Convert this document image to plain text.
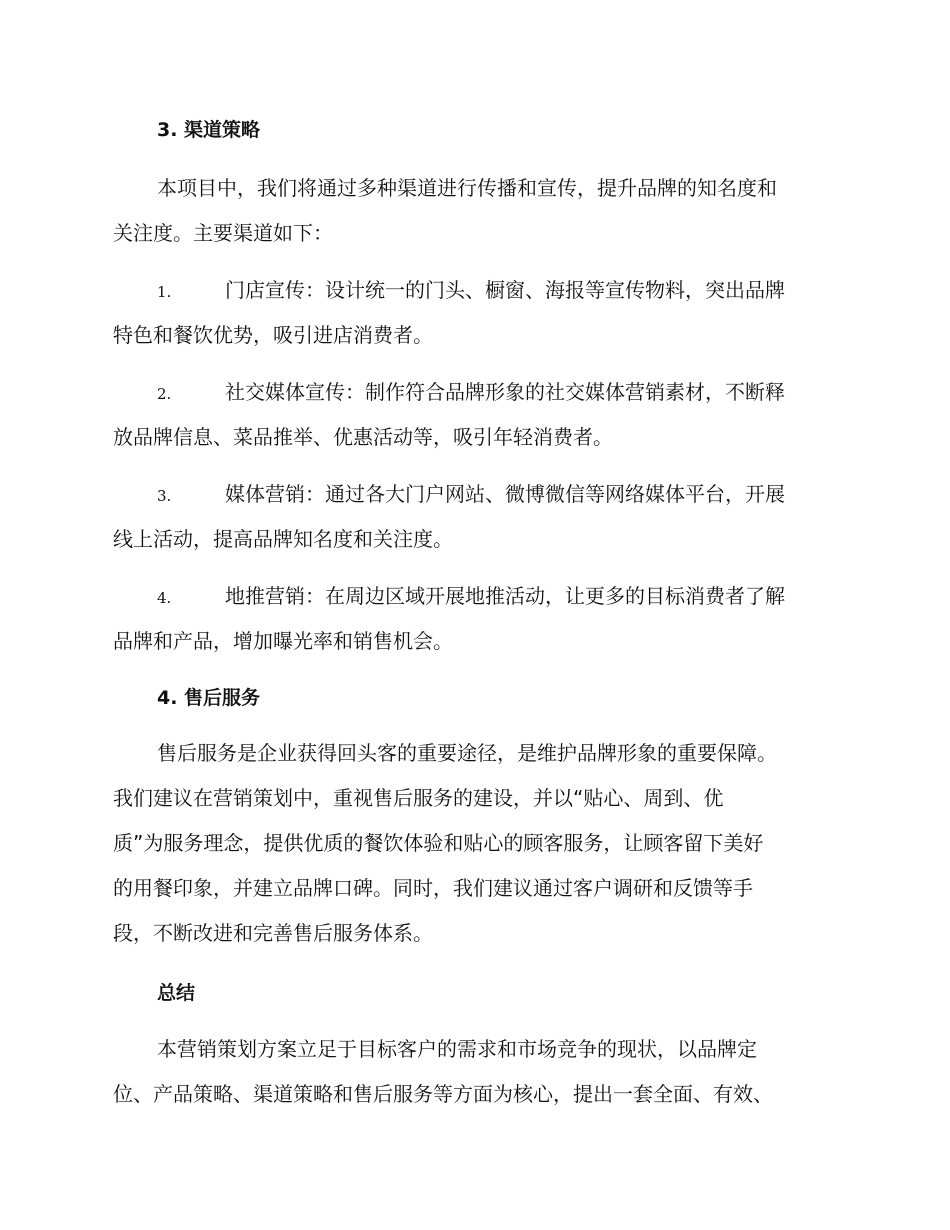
3. 渠道策略
本项目中，我们将通过多种渠道进行传播和宣传，提升品牌的知名度和
关注度。主要渠道如下：
1.	门店宣传：设计统一的门头、橱窗、海报等宣传物料，突出品牌
特色和餐饮优势，吸引进店消费者。
2.	社交媒体宣传：制作符合品牌形象的社交媒体营销素材，不断释
放品牌信息、菜品推举、优惠活动等，吸引年轻消费者。
3.	媒体营销：通过各大门户网站、微博微信等网络媒体平台，开展
线上活动，提高品牌知名度和关注度。
4.	地推营销：在周边区域开展地推活动，让更多的目标消费者了解
品牌和产品，增加曝光率和销售机会。
4. 售后服务
售后服务是企业获得回头客的重要途径，是维护品牌形象的重要保障。
我们建议在营销策划中，重视售后服务的建设，并以“贴心、周到、优
质”为服务理念，提供优质的餐饮体验和贴心的顾客服务，让顾客留下美好
的用餐印象，并建立品牌口碑。同时，我们建议通过客户调研和反馈等手
段，不断改进和完善售后服务体系。
总结
本营销策划方案立足于目标客户的需求和市场竞争的现状，以品牌定
位、产品策略、渠道策略和售后服务等方面为核心，提出一套全面、有效、
